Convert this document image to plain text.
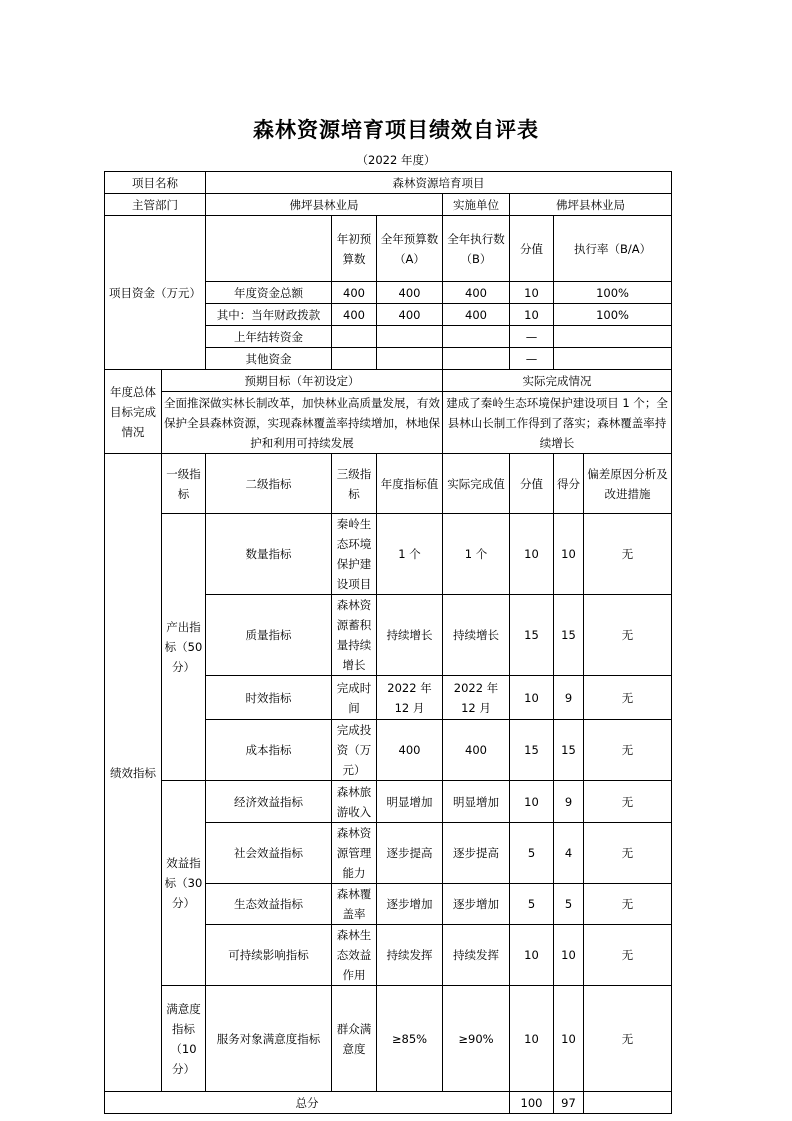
森林资源培育项目绩效自评表
（2022 年度）
项目名称		森林资源培育项目							
主管部门		佛坪县林业局			实施单位	佛坪县林业局			
项目资金（万元）			年初预算数	全年预算数（A）	全年执行数（B）	分值	执行率（B/A）	
		年度资金总额	400	400	400	10	100%	
		其中：当年财政拨款	400	400	400	10	100%	
		上年结转资金				—		
		其他资金				—		
年度总体目标完成情况	预期目标（年初设定）				实际完成情况				
	全面推深做实林长制改革，加快林业高质量发展，有效保护全县森林资源，实现森林覆盖率持续增加，林地保护和利用可持续发展				建成了秦岭生态环境保护建设项目 1 个；全县林山长制工作得到了落实；森林覆盖率持续增长				
绩效指标	一级指标	二级指标	三级指标	年度指标值	实际完成值	分值	得分	偏差原因分析及改进措施	
	产出指标（50 分）	数量指标	秦岭生态环境保护建设项目	1 个	1 个	10	10	无	
		质量指标	森林资源蓄积量持续增长	持续增长	持续增长	15	15	无	
		时效指标	完成时间	2022 年 12 月	2022 年 12 月	10	9	无	
		成本指标	完成投资（万元）	400	400	15	15	无	
	效益指标（30 分）	经济效益指标	森林旅游收入	明显增加	明显增加	10	9	无	
		社会效益指标	森林资源管理能力	逐步提高	逐步提高	5	4	无	
		生态效益指标	森林覆盖率	逐步增加	逐步增加	5	5	无	
		可持续影响指标	森林生态效益作用	持续发挥	持续发挥	10	10	无	
	满意度指标（10 分）	服务对象满意度指标	群众满意度	≥85%	≥90%	10	10	无	
总分						100	97		
